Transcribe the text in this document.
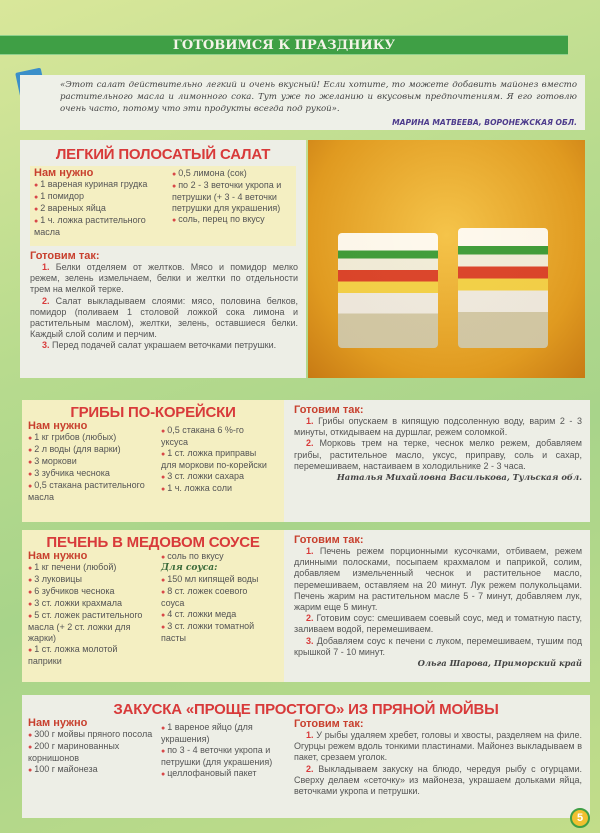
ГОТОВИМСЯ К ПРАЗДНИКУ
«Этот салат действительно легкий и очень вкусный! Если хотите, то можете добавить майонез вместо растительного масла и лимонного сока. Тут уже по желанию и вкусовым предпочтениям. Я его готовлю очень часто, потому что эти продукты всегда под рукой».
МАРИНА МАТВЕЕВА, ВОРОНЕЖСКАЯ ОБЛ.
ЛЕГКИЙ ПОЛОСАТЫЙ САЛАТ
Нам нужно

● 1 вареная куриная грудка

● 1 помидор

● 2 вареных яйца

● 1 ч. ложка растительного масла

● 0,5 лимона (сок)

● по 2 - 3 веточки укропа и петрушки (+ 3 - 4 веточки петрушки для украшения)

● соль, перец по вкусу

Готовим так:

1. Белки отделяем от желтков. Мясо и помидор мелко режем, зелень измельчаем, белки и желтки по отдельности трем на мелкой терке.

2. Салат выкладываем слоями: мясо, половина белков, помидор (поливаем 1 столовой ложкой сока лимона и растительным маслом), желтки, зелень, оставшиеся белки. Каждый слой солим и перчим.

3. Перед подачей салат украшаем веточками петрушки.

ГРИБЫ ПО-КОРЕЙСКИ
Нам нужно

● 1 кг грибов (любых)

● 2 л воды (для варки)

● 3 моркови

● 3 зубчика чеснока

● 0,5 стакана растительного масла

● 0,5 стакана 6 %-го уксуса

● 1 ст. ложка приправы для моркови по-корейски

● 3 ст. ложки сахара

● 1 ч. ложка соли

Готовим так:

1. Грибы опускаем в кипящую подсоленную воду, варим 2 - 3 минуты, откидываем на дуршлаг, режем соломкой.

2. Морковь трем на терке, чеснок мелко режем, добавляем грибы, растительное масло, уксус, приправу, соль и сахар, перемешиваем, настаиваем в холодильнике 2 - 3 часа.

Наталья Михайловна Василькова, Тульская обл.
ПЕЧЕНЬ В МЕДОВОМ СОУСЕ
Нам нужно

● 1 кг печени (любой)

● 3 луковицы

● 6 зубчиков чеснока

● 3 ст. ложки крахмала

● 5 ст. ложек растительного масла (+ 2 ст. ложки для жарки)

● 1 ст. ложка молотой паприки

● соль по вкусу

Для соуса:

● 150 мл кипящей воды

● 8 ст. ложек соевого соуса

● 4 ст. ложки меда

● 3 ст. ложки томатной пасты

Готовим так:

1. Печень режем порционными кусочками, отбиваем, режем длинными полосками, посыпаем крахмалом и паприкой, солим, добавляем измельченный чеснок и растительное масло, перемешиваем, оставляем на 20 минут. Лук режем полукольцами. Печень жарим на растительном масле 5 - 7 минут, добавляем лук, жарим еще 5 минут.

2. Готовим соус: смешиваем соевый соус, мед и томатную пасту, заливаем водой, перемешиваем.

3. Добавляем соус к печени с луком, перемешиваем, тушим под крышкой 7 - 10 минут.

Ольга Шарова, Приморский край
ЗАКУСКА «ПРОЩЕ ПРОСТОГО» ИЗ ПРЯНОЙ МОЙВЫ
Нам нужно

● 300 г мойвы пряного посола

● 200 г маринованных корнишонов

● 100 г майонеза

● 1 вареное яйцо (для украшения)

● по 3 - 4 веточки укропа и петрушки (для украшения)

● целлофановый пакет

Готовим так:

1. У рыбы удаляем хребет, головы и хвосты, разделяем на филе. Огурцы режем вдоль тонкими пластинами. Майонез выкладываем в пакет, срезаем уголок.

2. Выкладываем закуску на блюдо, чередуя рыбу с огурцами. Сверху делаем «сеточку» из майонеза, украшаем дольками яйца, веточками укропа и петрушки.

5
